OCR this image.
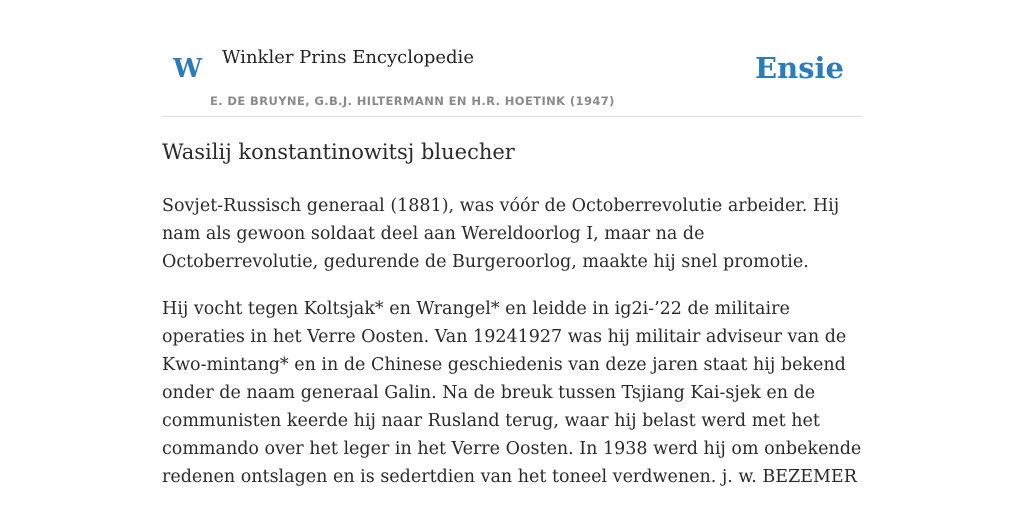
W Winkler Prins Encyclopedie
E. DE BRUYNE, G.B.J. HILTERMANN EN H.R. HOETINK (1947)
Ensie
Wasilij konstantinowitsj bluecher

Sovjet-Russisch generaal (1881), was vóór de Octoberrevolutie arbeider. Hij nam als gewoon soldaat deel aan Wereldoorlog I, maar na de Octoberrevolutie, gedurende de Burgeroorlog, maakte hij snel promotie.

Hij vocht tegen Koltsjak* en Wrangel* en leidde in ig2i-’22 de militaire operaties in het Verre Oosten. Van 19241927 was hij militair adviseur van de Kwo-mintang* en in de Chinese geschiedenis van deze jaren staat hij bekend onder de naam generaal Galin. Na de breuk tussen Tsjiang Kai-sjek en de communisten keerde hij naar Rusland terug, waar hij belast werd met het commando over het leger in het Verre Oosten. In 1938 werd hij om onbekende redenen ontslagen en is sedertdien van het toneel verdwenen. j. w. BEZEMER
